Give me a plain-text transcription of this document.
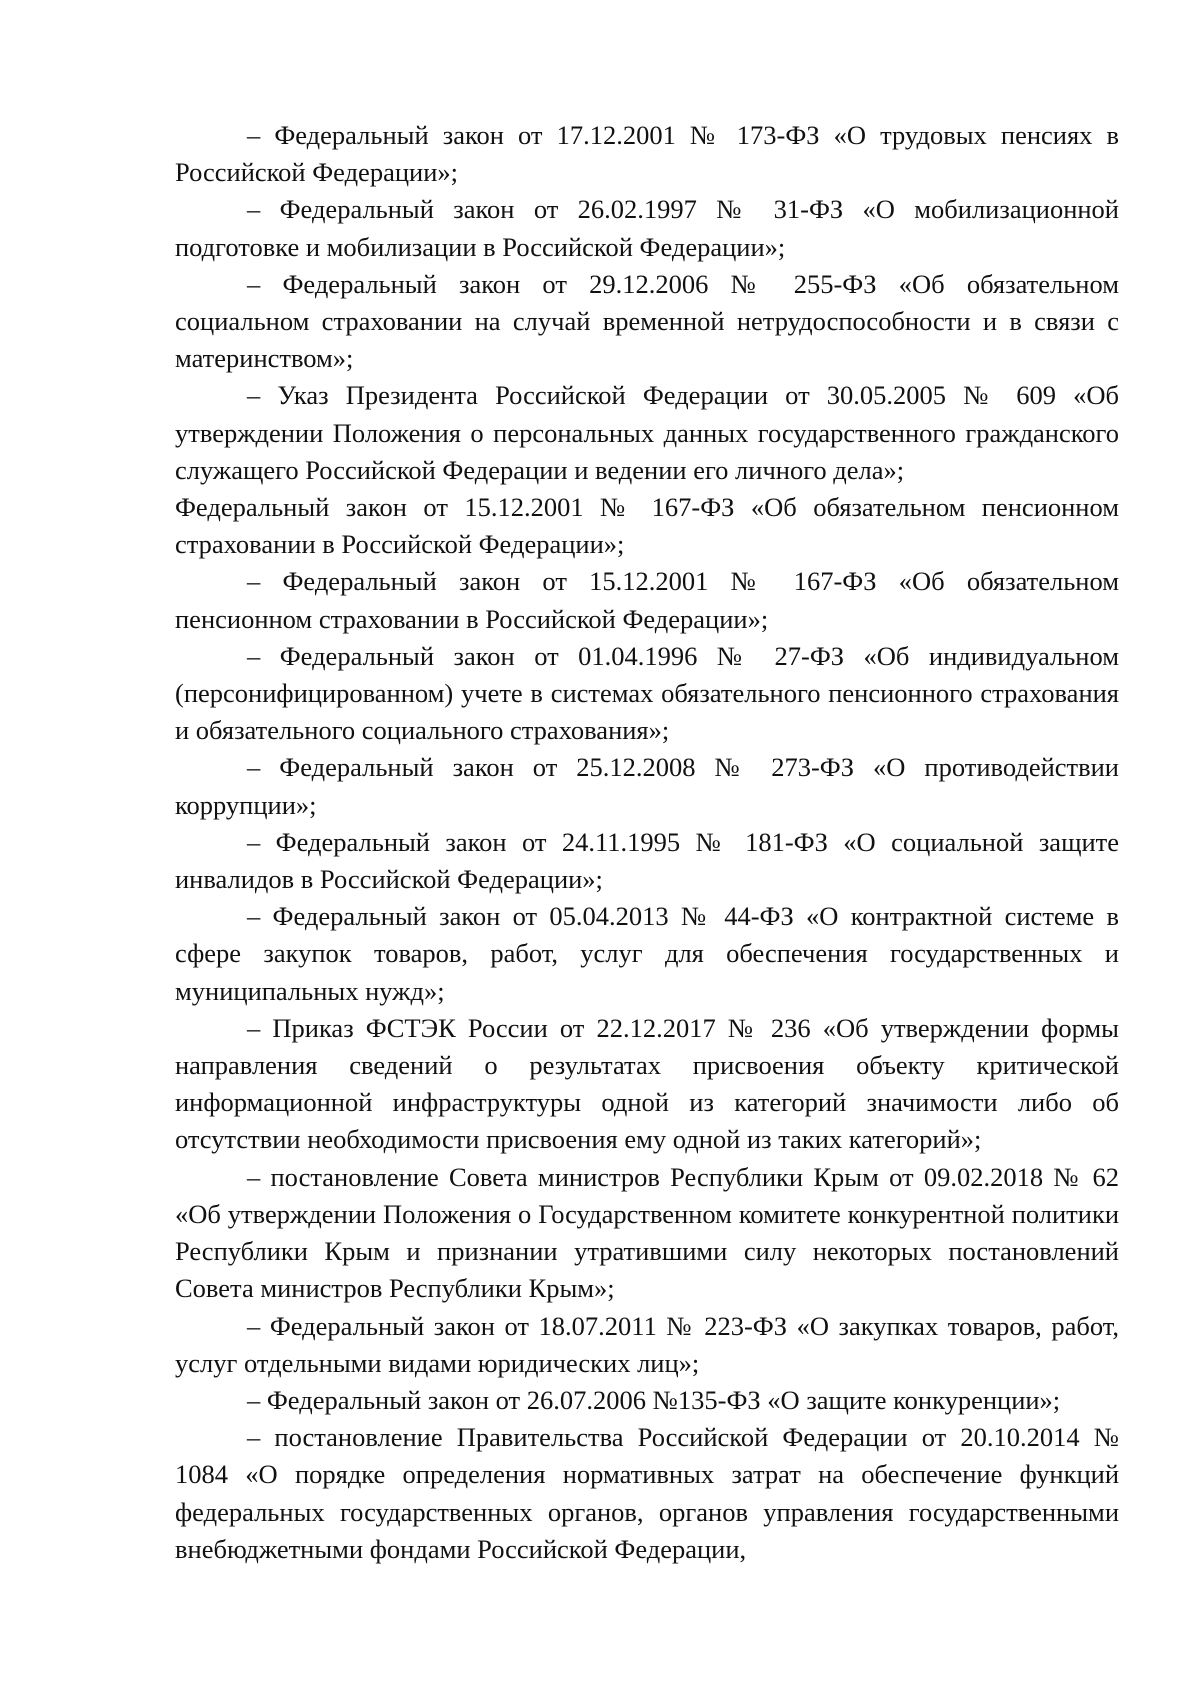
– Федеральный закон от 17.12.2001 № 173-ФЗ «О трудовых пенсиях в Российской Федерации»;

– Федеральный закон от 26.02.1997 № 31-ФЗ «О мобилизационной подготовке и мобилизации в Российской Федерации»;

– Федеральный закон от 29.12.2006 № 255-ФЗ «Об обязательном социальном страховании на случай временной нетрудоспособности и в связи с материнством»;

– Указ Президента Российской Федерации от 30.05.2005 № 609 «Об утверждении Положения о персональных данных государственного гражданского служащего Российской Федерации и ведении его личного дела»;

Федеральный закон от 15.12.2001 № 167-ФЗ «Об обязательном пенсионном страховании в Российской Федерации»;

– Федеральный закон от 15.12.2001 № 167-ФЗ «Об обязательном пенсионном страховании в Российской Федерации»;

– Федеральный закон от 01.04.1996 № 27-ФЗ «Об индивидуальном (персонифицированном) учете в системах обязательного пенсионного страхования и обязательного социального страхования»;

– Федеральный закон от 25.12.2008 № 273-ФЗ «О противодействии коррупции»;

– Федеральный закон от 24.11.1995 № 181-ФЗ «О социальной защите инвалидов в Российской Федерации»;

– Федеральный закон от 05.04.2013 № 44-ФЗ «О контрактной системе в сфере закупок товаров, работ, услуг для обеспечения государственных и муниципальных нужд»;

– Приказ ФСТЭК России от 22.12.2017 № 236 «Об утверждении формы направления сведений о результатах присвоения объекту критической информационной инфраструктуры одной из категорий значимости либо об отсутствии необходимости присвоения ему одной из таких категорий»;

– постановление Совета министров Республики Крым от 09.02.2018 № 62 «Об утверждении Положения о Государственном комитете конкурентной политики Республики Крым и признании утратившими силу некоторых постановлений Совета министров Республики Крым»;

– Федеральный закон от 18.07.2011 № 223-ФЗ «О закупках товаров, работ, услуг отдельными видами юридических лиц»;

– Федеральный закон от 26.07.2006 №135-ФЗ «О защите конкуренции»;

– постановление Правительства Российской Федерации от 20.10.2014 № 1084 «О порядке определения нормативных затрат на обеспечение функций федеральных государственных органов, органов управления государственными внебюджетными фондами Российской Федерации,
